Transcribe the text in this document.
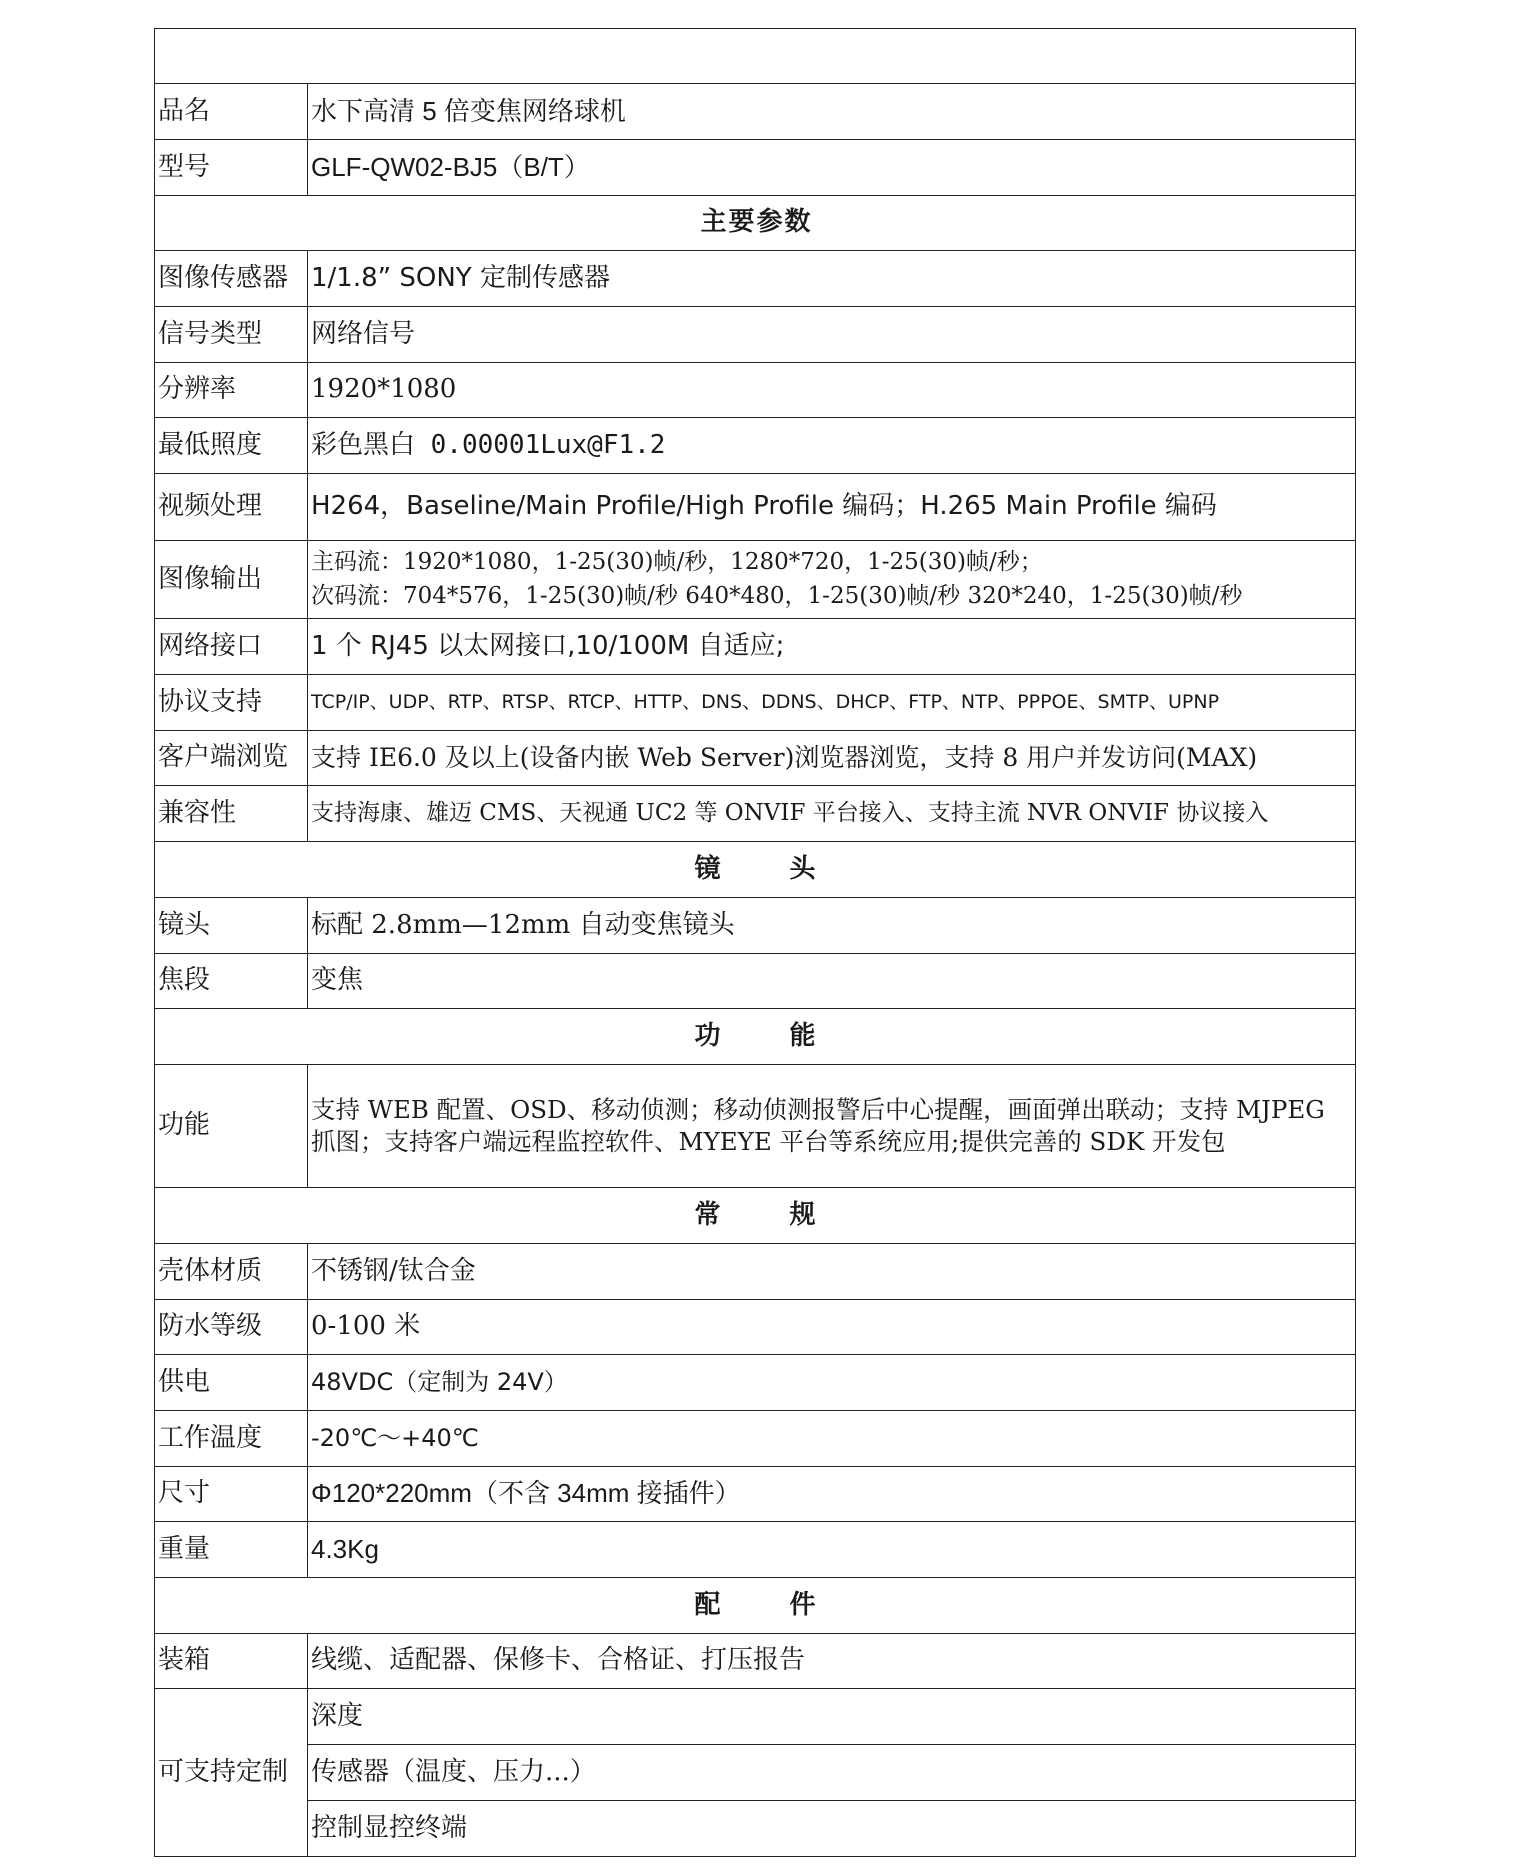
品名	水下高清 5 倍变焦网络球机
型号	GLF-QW02-BJ5（B/T）
主要参数	
图像传感器	1/1.8” SONY 定制传感器
信号类型	网络信号
分辨率	1920*1080
最低照度	彩色黑白 0.00001Lux@F1.2
视频处理	H264，Baseline/Main Profile/High Profile 编码；H.265 Main Profile 编码
图像输出	主码流：1920*1080，1-25(30)帧/秒，1280*720，1-25(30)帧/秒；
次码流：704*576，1-25(30)帧/秒 640*480，1-25(30)帧/秒 320*240，1-25(30)帧/秒

网络接口	1 个 RJ45 以太网接口,10/100M 自适应;
协议支持	TCP/IP、UDP、RTP、RTSP、RTCP、HTTP、DNS、DDNS、DHCP、FTP、NTP、PPPOE、SMTP、UPNP
客户端浏览	支持 IE6.0 及以上(设备内嵌 Web Server)浏览器浏览，支持 8 用户并发访问(MAX)
兼容性	支持海康、雄迈 CMS、天视通 UC2 等 ONVIF 平台接入、支持主流 NVR ONVIF 协议接入
镜 头	
镜头	标配 2.8mm—12mm 自动变焦镜头
焦段	变焦
功 能	
功能	支持 WEB 配置、OSD、移动侦测；移动侦测报警后中心提醒，画面弹出联动；支持 MJPEG
抓图；支持客户端远程监控软件、MYEYE 平台等系统应用;提供完善的 SDK 开发包

常 规	
壳体材质	不锈钢/钛合金
防水等级	0-100 米
供电	48VDC（定制为 24V）
工作温度	-20℃～+40℃
尺寸	Φ120*220mm（不含 34mm 接插件）
重量	4.3Kg
配 件	
装箱	线缆、适配器、保修卡、合格证、打压报告
可支持定制	深度
	传感器（温度、压力...）
	控制显控终端
